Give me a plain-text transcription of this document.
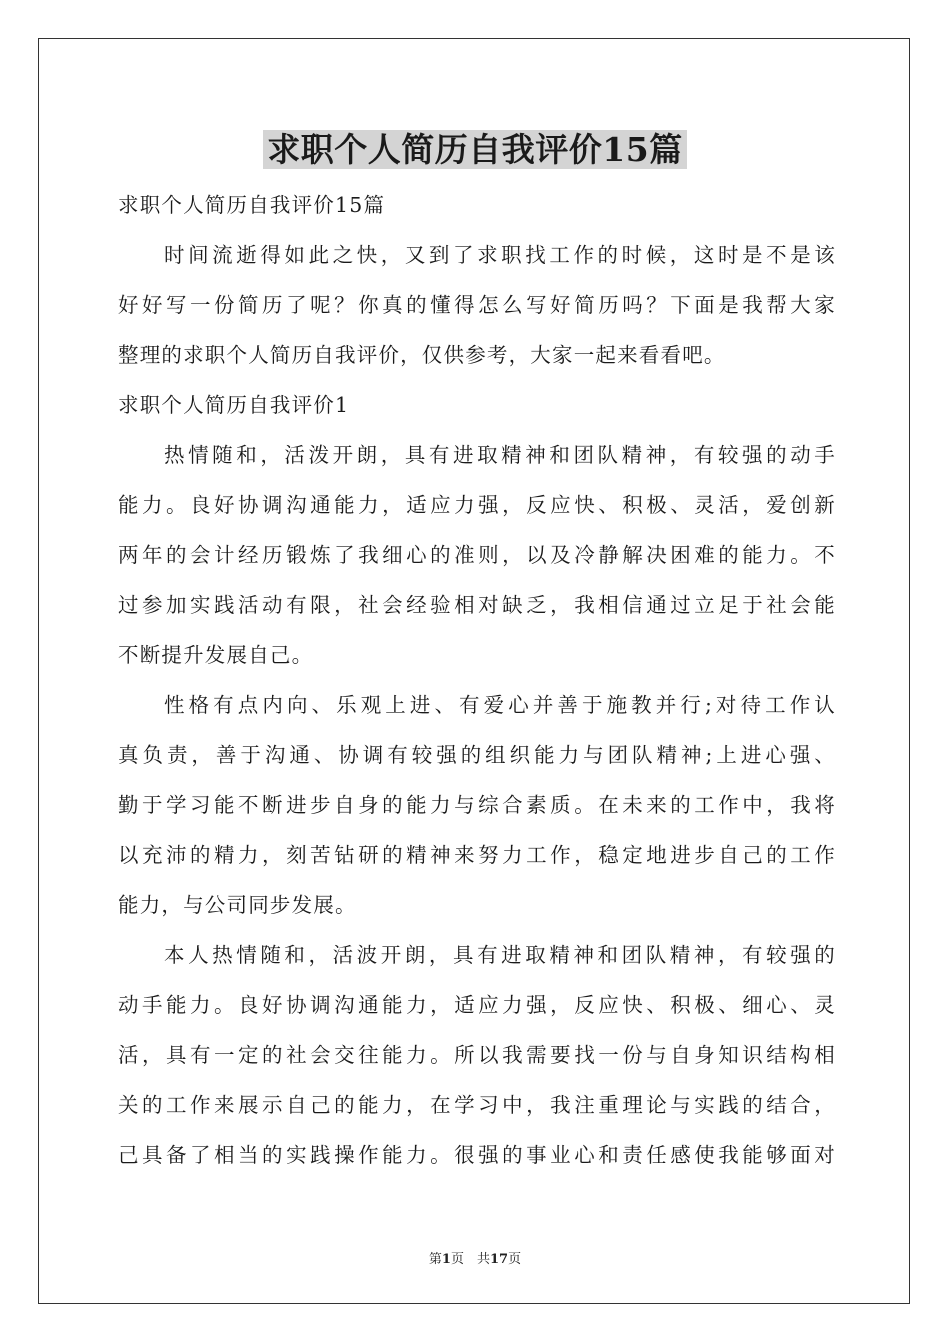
求职个人简历自我评价15篇
求职个人简历自我评价15篇
时间流逝得如此之快，又到了求职找工作的时候，这时是不是该
好好写一份简历了呢？你真的懂得怎么写好简历吗？下面是我帮大家
整理的求职个人简历自我评价，仅供参考，大家一起来看看吧。
求职个人简历自我评价1
热情随和，活泼开朗，具有进取精神和团队精神，有较强的动手
能力。良好协调沟通能力，适应力强，反应快、积极、灵活，爱创新
两年的会计经历锻炼了我细心的准则，以及冷静解决困难的能力。不
过参加实践活动有限，社会经验相对缺乏，我相信通过立足于社会能
不断提升发展自己。
性格有点内向、乐观上进、有爱心并善于施教并行;对待工作认
真负责，善于沟通、协调有较强的组织能力与团队精神;上进心强、
勤于学习能不断进步自身的能力与综合素质。在未来的工作中，我将
以充沛的精力，刻苦钻研的精神来努力工作，稳定地进步自己的工作
能力，与公司同步发展。
本人热情随和，活波开朗，具有进取精神和团队精神，有较强的
动手能力。良好协调沟通能力，适应力强，反应快、积极、细心、灵
活，具有一定的社会交往能力。所以我需要找一份与自身知识结构相
关的工作来展示自己的能力，在学习中，我注重理论与实践的结合，
己具备了相当的实践操作能力。很强的事业心和责任感使我能够面对
第1页　共17页
